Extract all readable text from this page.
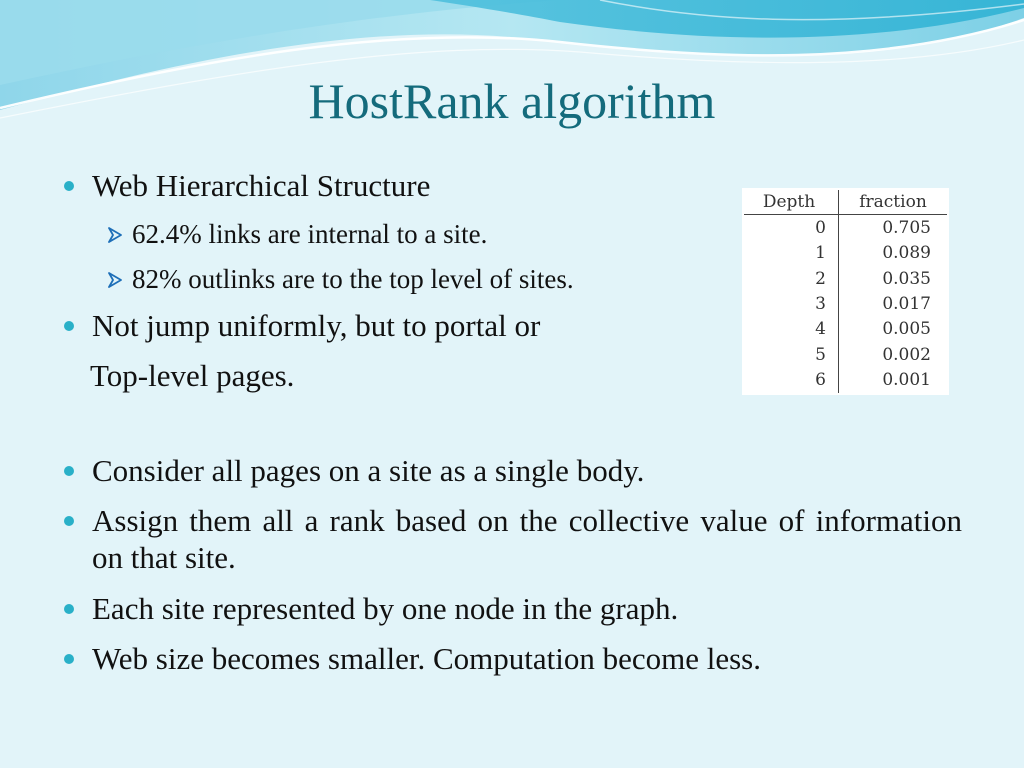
HostRank algorithm
Web Hierarchical Structure
62.4% links are internal to a site.
82% outlinks are to the top level of sites.
Not jump uniformly, but to portal or
Top-level pages.
Consider all pages on a site as a single body.
Assign them all a rank based on the collective value of information on that site.
Each site represented by one node in the graph.
Web size becomes smaller. Computation become less.
Depth	fraction
0	0.705
1	0.089
2	0.035
3	0.017
4	0.005
5	0.002
6	0.001
